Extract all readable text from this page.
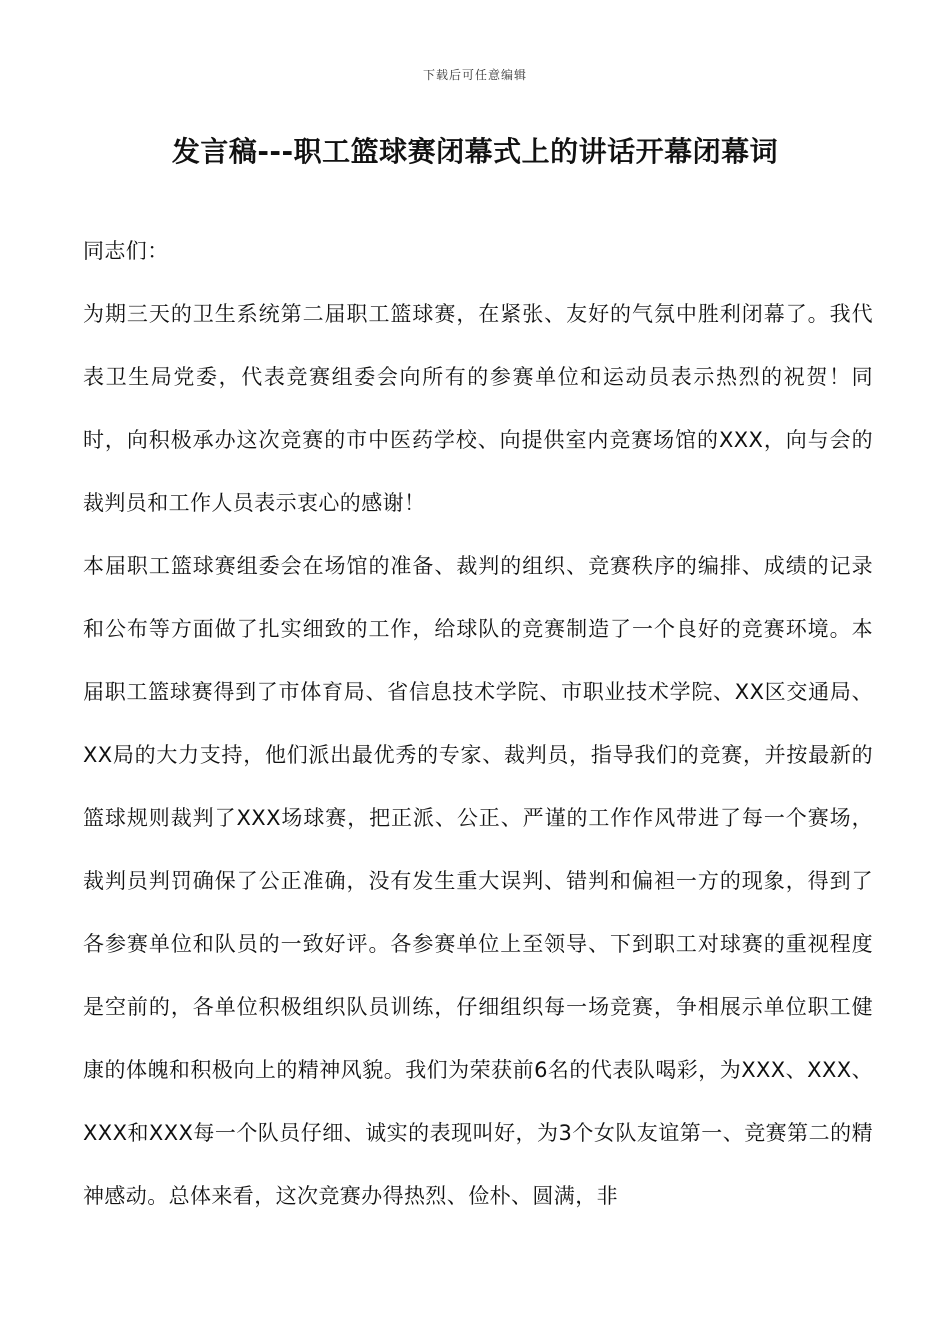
下载后可任意编辑
发言稿---职工篮球赛闭幕式上的讲话开幕闭幕词

同志们：

为期三天的卫生系统第二届职工篮球赛，在紧张、友好的气氛中胜利闭幕了。我代表卫生局党委，代表竞赛组委会向所有的参赛单位和运动员表示热烈的祝贺！同时，向积极承办这次竞赛的市中医药学校、向提供室内竞赛场馆的XXX，向与会的裁判员和工作人员表示衷心的感谢！

本届职工篮球赛组委会在场馆的准备、裁判的组织、竞赛秩序的编排、成绩的记录和公布等方面做了扎实细致的工作，给球队的竞赛制造了一个良好的竞赛环境。本届职工篮球赛得到了市体育局、省信息技术学院、市职业技术学院、XX区交通局、XX局的大力支持，他们派出最优秀的专家、裁判员，指导我们的竞赛，并按最新的篮球规则裁判了XXX场球赛，把正派、公正、严谨的工作作风带进了每一个赛场，裁判员判罚确保了公正准确，没有发生重大误判、错判和偏袒一方的现象，得到了各参赛单位和队员的一致好评。各参赛单位上至领导、下到职工对球赛的重视程度是空前的，各单位积极组织队员训练，仔细组织每一场竞赛，争相展示单位职工健康的体魄和积极向上的精神风貌。我们为荣获前6名的代表队喝彩，为XXX、XXX、XXX和XXX每一个队员仔细、诚实的表现叫好，为3个女队友谊第一、竞赛第二的精神感动。总体来看，这次竞赛办得热烈、俭朴、圆满，非
